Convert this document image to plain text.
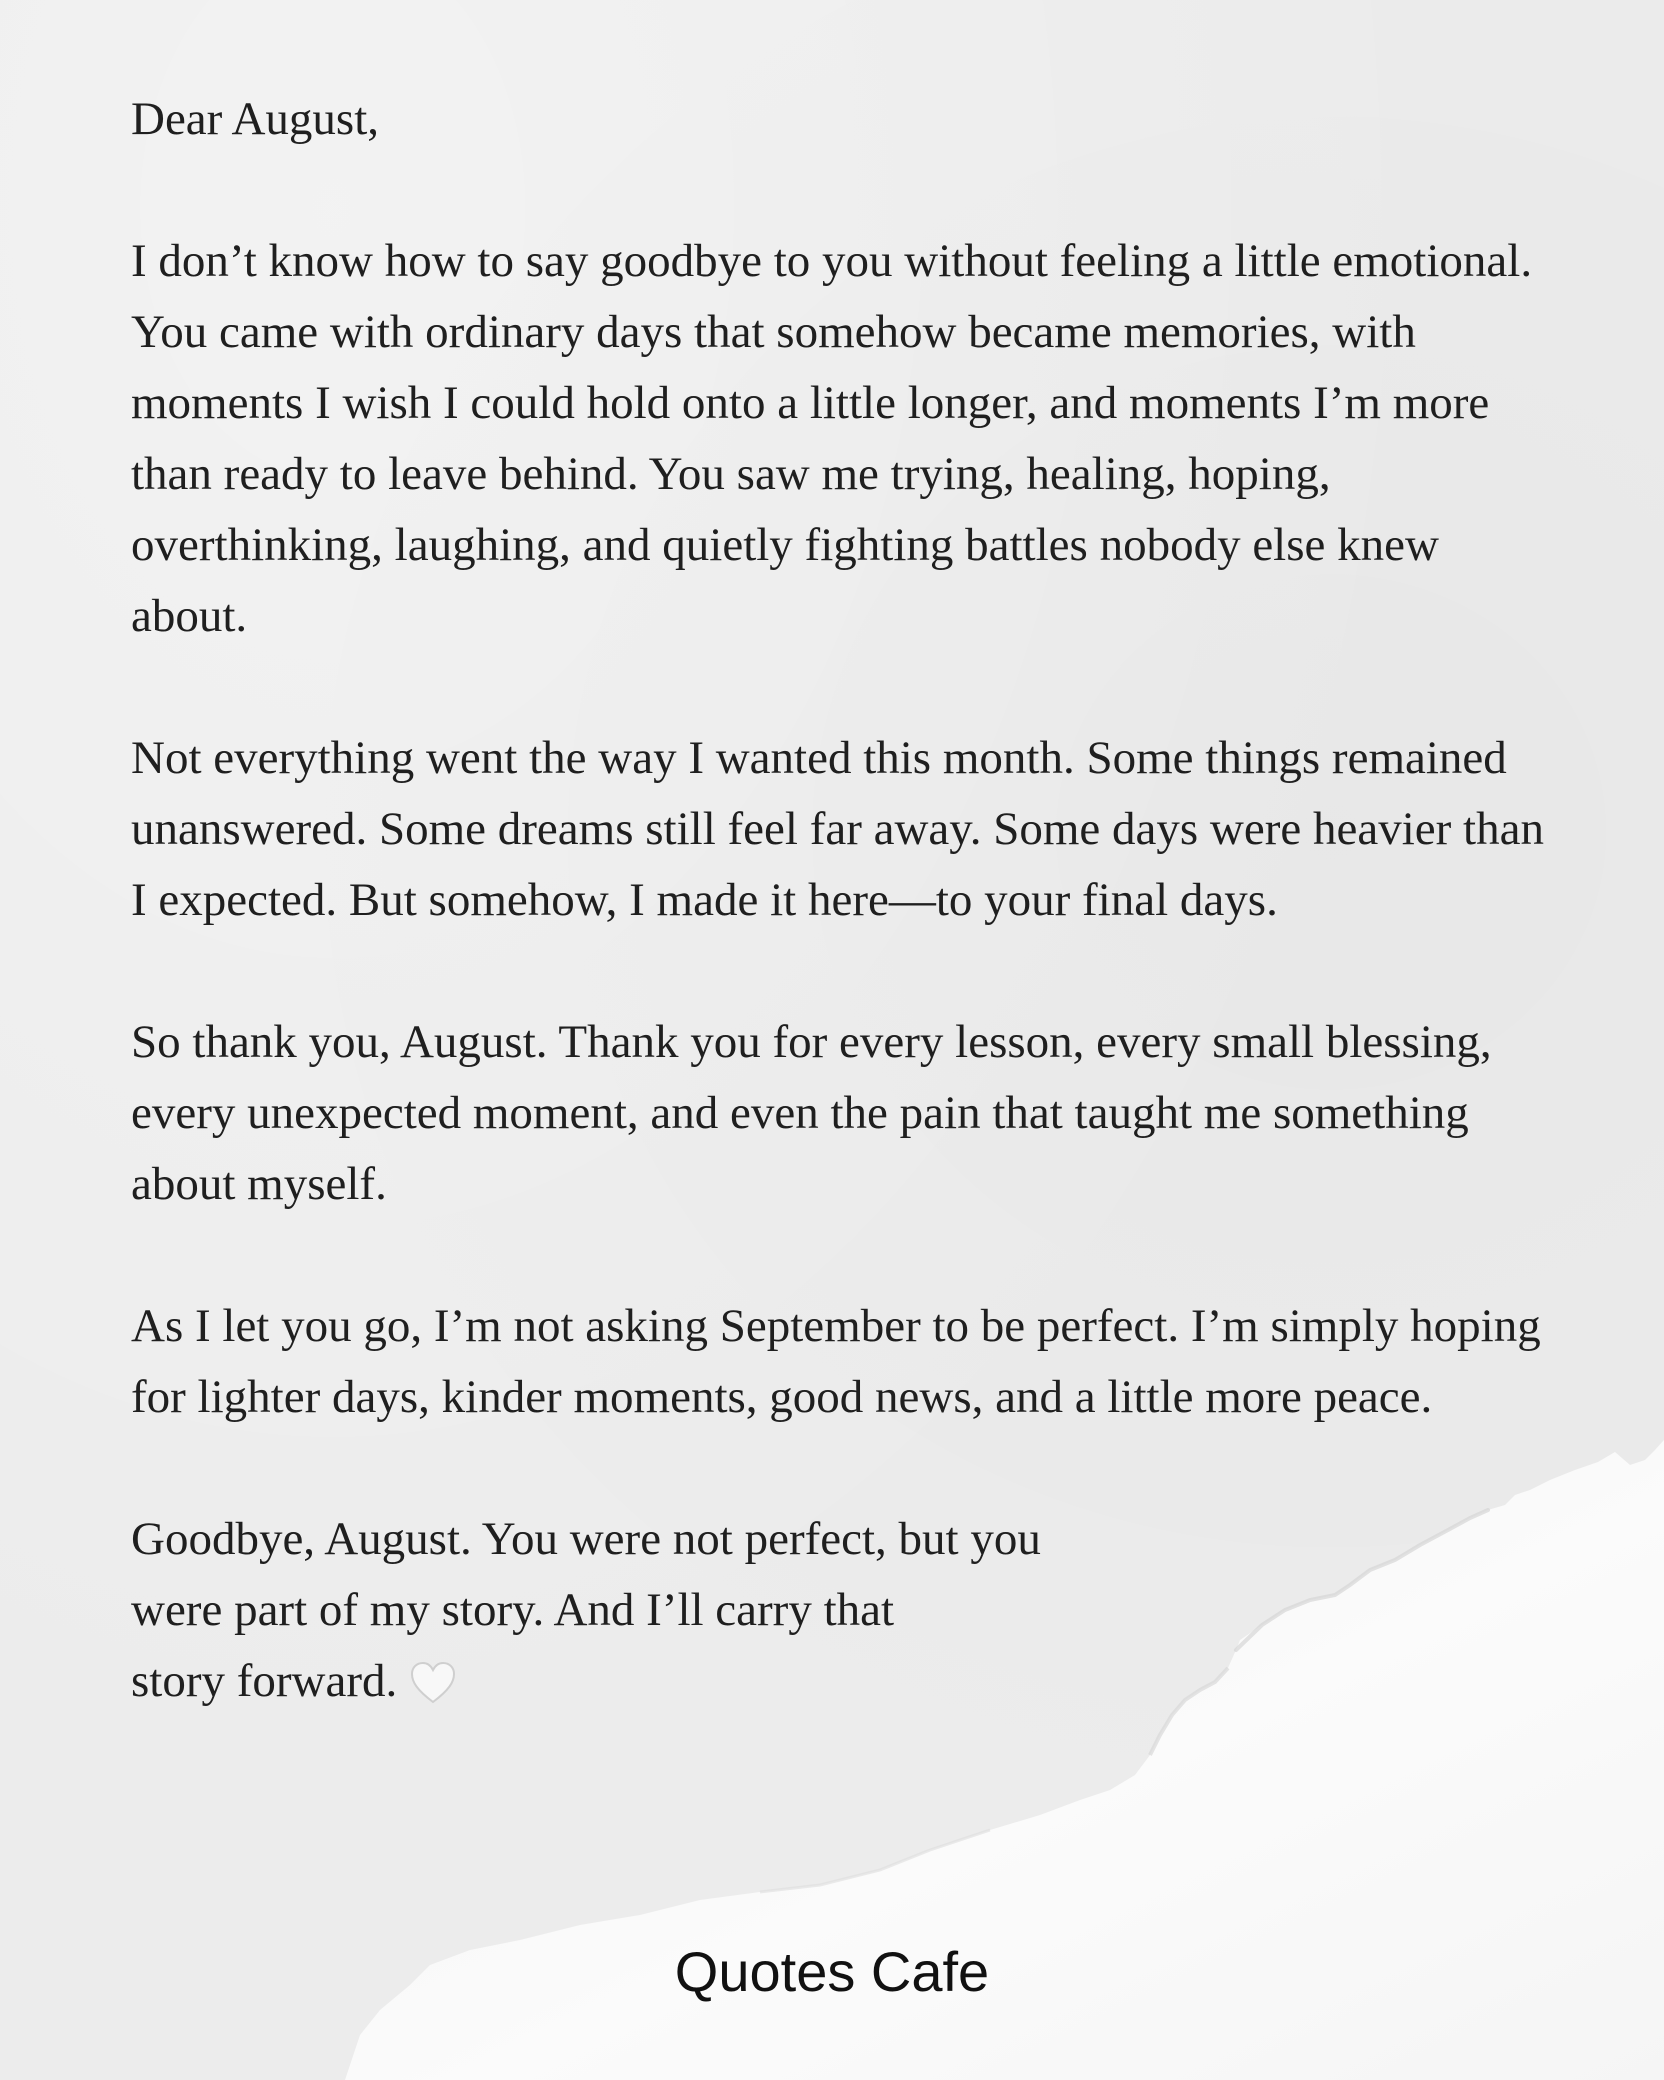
Dear August,

I don’t know how to say goodbye to you without feeling a little emotional. You came with ordinary days that somehow became memories, with moments I wish I could hold onto a little longer, and moments I’m more than ready to leave behind. You saw me trying, healing, hoping, overthinking, laughing, and quietly fighting battles nobody else knew about.

Not everything went the way I wanted this month. Some things remained unanswered. Some dreams still feel far away. Some days were heavier than I expected. But somehow, I made it here—to your final days.

So thank you, August. Thank you for every lesson, every small blessing, every unexpected moment, and even the pain that taught me something about myself.

As I let you go, I’m not asking September to be perfect. I’m simply hoping for lighter days, kinder moments, good news, and a little more peace.

Goodbye, August. You were not perfect, but you
were part of my story. And I’ll carry that
story forward.

Quotes Cafe
